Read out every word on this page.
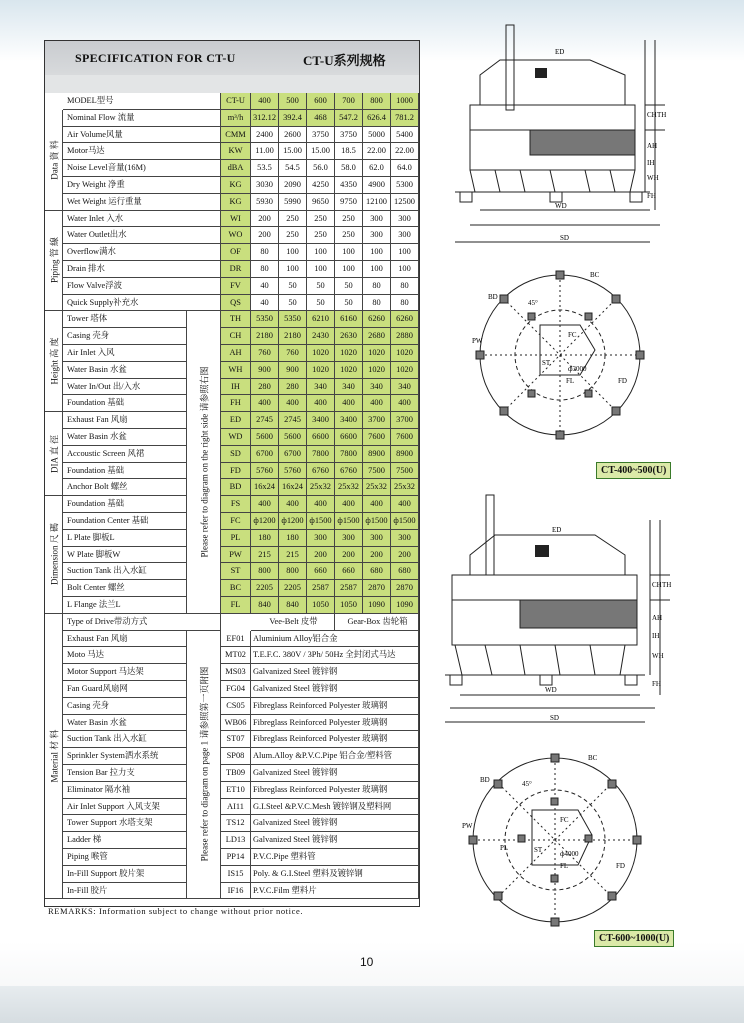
SPECIFICATION FOR CT-U	CT-U系列规格
MODEL型号	CT-U	400	500	600	700	800	1000
Nominal Flow 流量	m³/h	312.12 392.4	468	547.2	626.4	781.2
Air Volume风量	CMM	2400	2600	3750	3750	5000	5400
Motor马达	KW	11.00	15.00	15.00	18.5	22.00	22.00
Noise Level音量(16M)	dBA	53.5	54.5	56.0	58.0	62.0	64.0
Dry Weight 净重	KG	3030	2090	4250	4350	4900	5300
Wet Weight 运行重量	KG	5930	5990	9650	9750	12100 12500
Data 資 料
Water Inlet 入水	WI	200	250	250	250	300	300
Water Outlet出水	WO	200	250	250	250	300	300
Overflow满水	OF	80	100	100	100	100	100
Drain 排水	DR	80	100	100	100	100	100
Flow Valve浮波	FV	40	50	50	50	80	80
Quick Supply补充水	QS	40	50	50	50	80	80
Piping 管 線
Tower 塔体	TH	5350	5350	6210	6160	6260	6260
Casing 壳身	CH	2180	2180	2430	2630	2680	2880
Air Inlet 入风	AH	760	760	1020	1020	1020	1020
Water Basin 水盆	WH	900	900	1020	1020	1020	1020
Water In/Out 出/入水	IH	280	280	340	340	340	340
Foundation 基础	FH	400	400	400	400	400	400
Height 高 度
Exhaust Fan 风扇	ED	2745	2745	3400	3400	3700	3700
Water Basin 水盆	WD	5600	5600	6600	6600	7600	7600
Accoustic Screen 风裙	SD	6700	6700	7800	7800	8900	8900
Foundation 基础	FD	5760	5760	6760	6760	7500	7500
Anchor Bolt 螺丝	BD	16x24 16x24 25x32 25x32 25x32 25x32
DIA 直 徑
Foundation 基础	FS	400	400	400	400	400	400
Foundation Center 基础	FC	ф1200 ф1200 ф1500 ф1500 ф1500 ф1500
L Plate 脚板L	PL	180	180	300	300	300	300
W Plate 脚板W	PW	215	215	200	200	200	200
Suction Tank 出入水缸	ST	800	800	660	660	680	680
Bolt Center 螺丝	BC	2205	2205	2587	2587	2870	2870
L Flange 法兰L	FL	840	840	1050	1050	1090	1090
Dimension 尺 碼	Please refer to diagram on the right side 请参照右图
Type of Drive带动方式	Vee-Belt 皮带	Gear-Box 齿轮箱
Exhaust Fan 风扇	EF01	Aluminium Alloy铝合金
Moto 马达	MT02 T.E.F.C. 380V / 3Ph/ 50Hz 全封闭式马达
Motor Support 马达架	MS03 Galvanized Steel 镀锌钢
Fan Guard风扇网	FG04 Galvanized Steel 镀锌钢
Casing 壳身	CS05 Fibreglass Reinforced Polyester 玻璃钢
Water Basin 水盆	WB06 Fibreglass Reinforced Polyester 玻璃钢
Suction Tank 出入水缸	ST07	Fibreglass Reinforced Polyester 玻璃钢
Sprinkler System洒水系统	SP08	Alum.Alloy &P.V.C.Pipe 铝合金/塑料管
Tension Bar 拉力支	TB09 Galvanized Steel 镀锌钢
Eliminator 隔水袖	ET10 Fibreglass Reinforced Polyester 玻璃钢
Air Inlet Support 入风支架	AI11	G.I.Steel &P.V.C.Mesh 镀锌钢及塑料网
Tower Support 水塔支架	TS12	Galvanized Steel 镀锌钢
Ladder 梯	LD13 Galvanized Steel 镀锌钢
Piping 喉管	PP14	P.V.C.Pipe 塑料管
In-Fill Support 胶片架	IS15	Poly. & G.I.Steel 塑料及镀锌钢
In-Fill 胶片	IF16	P.V.C.Film 塑料片
Material 材 料	Please refer to diagram on page 1 请参照第一页附图
REMARKS: Information subject to change without prior notice.
10
ED
WD
SD
CH TH
AH
IH
WH
FH
BC
BD
45°
PW
FC
ST
ф3000
FL	FD
CT-400~500(U)
ED
WD
SD
CH TH
AH
IH
WH
FH
BC
BD	45°
PW
FC
ST	ф4000
FL	FD
PL
CT-600~1000(U)
